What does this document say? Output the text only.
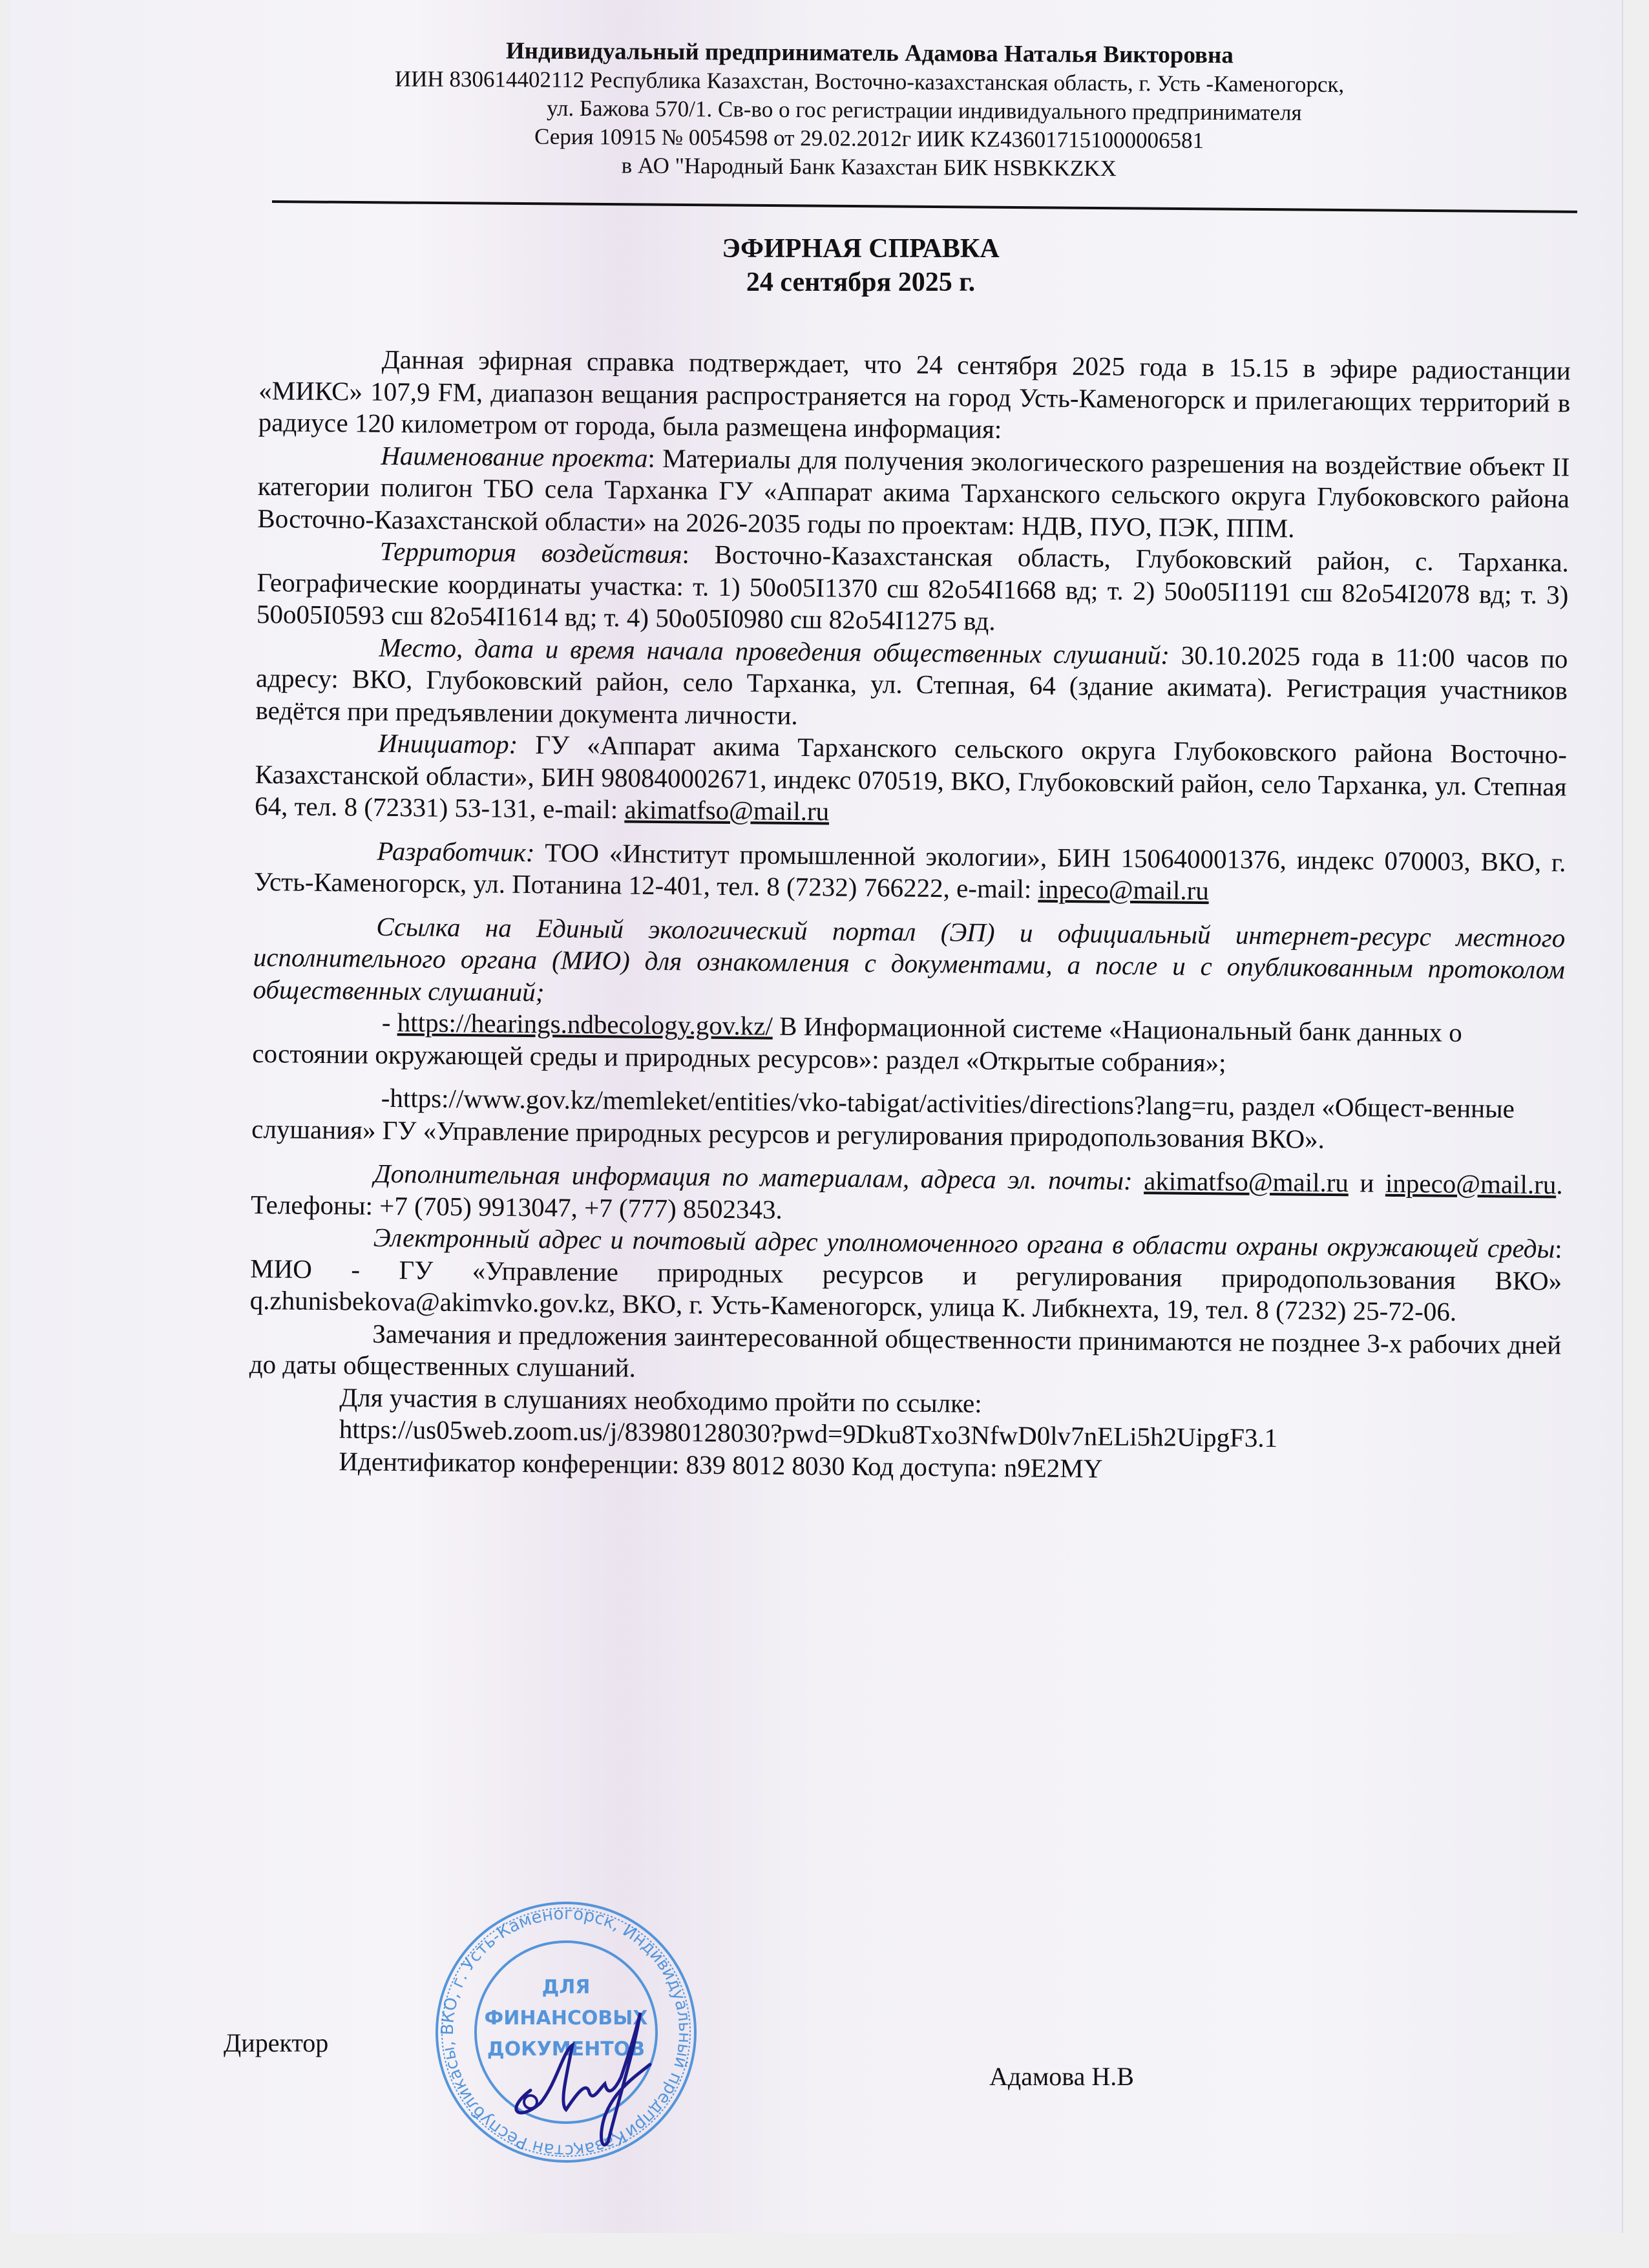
Индивидуальный предприниматель Адамова Наталья Викторовна
ИИН 830614402112 Республика Казахстан, Восточно-казахстанская область, г. Усть -Каменогорск,
ул. Бажова 570/1. Св-во о гос регистрации индивидуального предпринимателя
Серия 10915 № 0054598 от 29.02.2012г ИИК KZ436017151000006581
в АО "Народный Банк Казахстан БИК HSBKKZKX
ЭФИРНАЯ СПРАВКА
24 сентября 2025 г.

Данная эфирная справка подтверждает, что 24 сентября 2025 года в 15.15 в эфире радиостанции «МИКС» 107,9 FM, диапазон вещания распространяется на город Усть-Каменогорск и прилегающих территорий в радиусе 120 километром от города, была размещена информация:

Наименование проекта: Материалы для получения экологического разрешения на воздействие объект II категории полигон ТБО села Тарханка ГУ «Аппарат акима Тарханского сельского округа Глубоковского района Восточно-Казахстанской области» на 2026-2035 годы по проектам: НДВ, ПУО, ПЭК, ППМ.

Территория воздействия: Восточно-Казахстанская область, Глубоковский район, с. Тарханка. Географические координаты участка: т. 1) 50o05I1370 сш 82o54I1668 вд; т. 2) 50o05I1191 сш 82o54I2078 вд; т. 3) 50o05I0593 сш 82o54I1614 вд; т. 4) 50o05I0980 сш 82o54I1275 вд.

Место, дата и время начала проведения общественных слушаний: 30.10.2025 года в 11:00 часов по адресу: ВКО, Глубоковский район, село Тарханка, ул. Степная, 64 (здание акимата). Регистрация участников ведётся при предъявлении документа личности.

Инициатор: ГУ «Аппарат акима Тарханского сельского округа Глубоковского района Восточно-Казахстанской области», БИН 980840002671, индекс 070519, ВКО, Глубоковский район, село Тарханка, ул. Степная 64, тел. 8 (72331) 53-131, e-mail: akimatfso@mail.ru

Разработчик: ТОО «Институт промышленной экологии», БИН 150640001376, индекс 070003, ВКО, г. Усть-Каменогорск, ул. Потанина 12-401, тел. 8 (7232) 766222, e-mail: inpeco@mail.ru

Ссылка на Единый экологический портал (ЭП) и официальный интернет-ресурс местного исполнительного органа (МИО) для ознакомления с документами, а после и с опубликованным протоколом общественных слушаний;

- https://hearings.ndbecology.gov.kz/ В Информационной системе «Национальный банк данных о состоянии окружающей среды и природных ресурсов»: раздел «Открытые собрания»;

-https://www.gov.kz/memleket/entities/vko-tabigat/activities/directions?lang=ru, раздел «Общест-венные слушания» ГУ «Управление природных ресурсов и регулирования природопользования ВКО».

Дополнительная информация по материалам, адреса эл. почты: akimatfso@mail.ru и inpeco@mail.ru. Телефоны: +7 (705) 9913047, +7 (777) 8502343.

Электронный адрес и почтовый адрес уполномоченного органа в области охраны окружающей среды: МИО - ГУ «Управление природных ресурсов и регулирования природопользования ВКО» q.zhunisbekova@akimvko.gov.kz, ВКО, г. Усть-Каменогорск, улица К. Либкнехта, 19, тел. 8 (7232) 25-72-06.

Замечания и предложения заинтересованной общественности принимаются не позднее 3-х рабочих дней до даты общественных слушаний.

Для участия в слушаниях необходимо пройти по ссылке:

https://us05web.zoom.us/j/83980128030?pwd=9Dku8Txo3NfwD0lv7nELi5h2UipgF3.1

Идентификатор конференции: 839 8012 8030 Код доступа: n9E2MY

Директор
Адамова Н.В
Қазақстан Республикасы, ВКО, г. Усть-Каменогорск, Индивидуальный предприниматель
ДЛЯ
ФИНАНСОВЫХ
ДОКУМЕНТОВ
